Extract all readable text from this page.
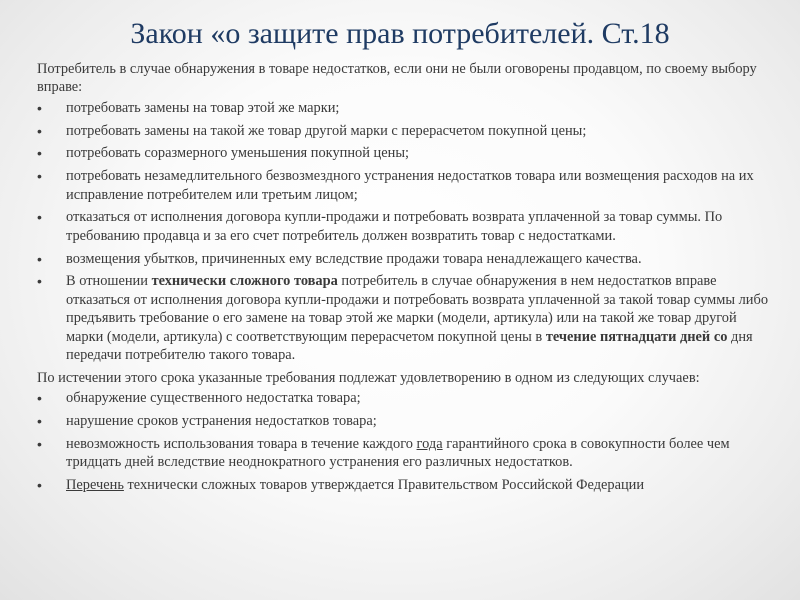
Закон «о защите прав потребителей. Ст.18

Потребитель в случае обнаружения в товаре недостатков, если они не были оговорены продавцом, по своему выбору вправе:

• потребовать замены на товар этой же марки;
• потребовать замены на такой же товар другой марки с перерасчетом покупной цены;
• потребовать соразмерного уменьшения покупной цены;
• потребовать незамедлительного безвозмездного устранения недостатков товара или возмещения расходов на их исправление потребителем или третьим лицом;
• отказаться от исполнения договора купли-продажи и потребовать возврата уплаченной за товар суммы. По требованию продавца и за его счет потребитель должен возвратить товар с недостатками.
• возмещения убытков, причиненных ему вследствие продажи товара ненадлежащего качества.
• В отношении технически сложного товара потребитель в случае обнаружения в нем недостатков вправе отказаться от исполнения договора купли-продажи и потребовать возврата уплаченной за такой товар суммы либо предъявить требование о его замене на товар этой же марки (модели, артикула) или на такой же товар другой марки (модели, артикула) с соответствующим перерасчетом покупной цены в течение пятнадцати дней со дня передачи потребителю такого товара.

По истечении этого срока указанные требования подлежат удовлетворению в одном из следующих случаев:

• обнаружение существенного недостатка товара;
• нарушение сроков устранения недостатков товара;
• невозможность использования товара в течение каждого года гарантийного срока в совокупности более чем тридцать дней вследствие неоднократного устранения его различных недостатков.
• Перечень технически сложных товаров утверждается Правительством Российской Федерации
